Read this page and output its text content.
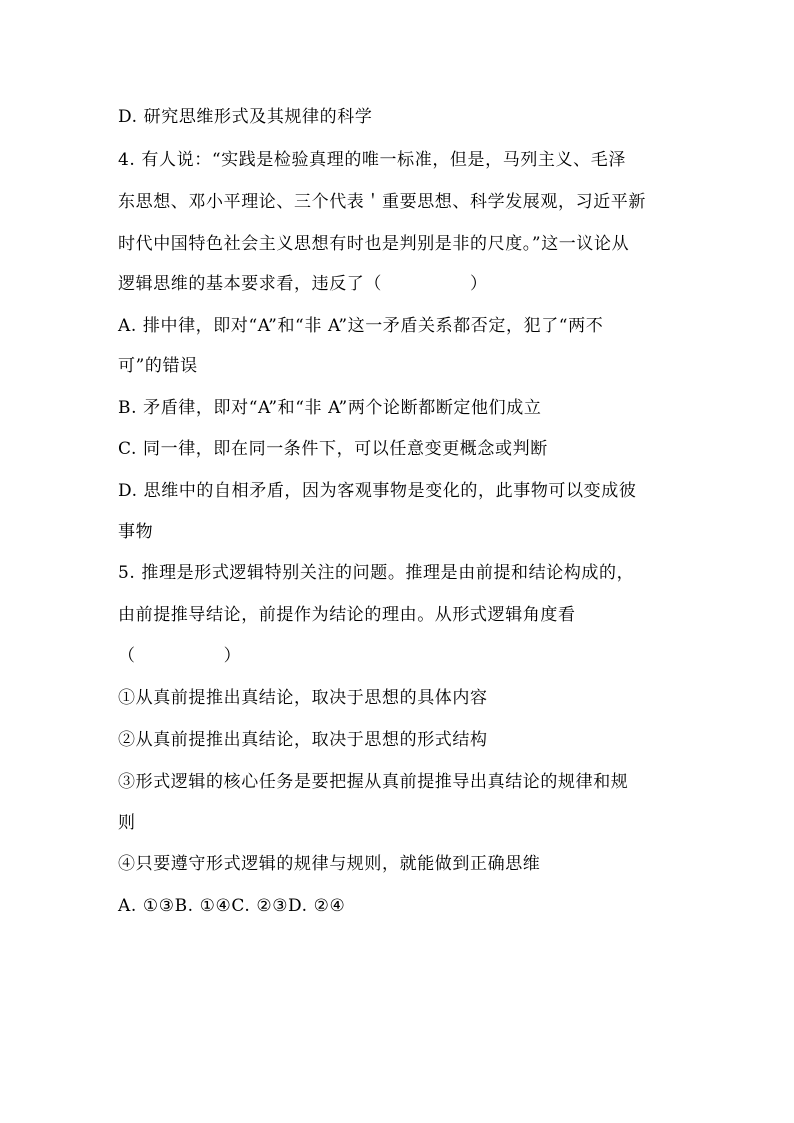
D. 研究思维形式及其规律的科学
4. 有人说：“实践是检验真理的唯一标准，但是，马列主义、毛泽
东思想、邓小平理论、三个代表＇重要思想、科学发展观，习近平新
时代中国特色社会主义思想有时也是判别是非的尺度。”这一议论从
逻辑思维的基本要求看，违反了（　　　　　）
A. 排中律，即对“A”和“非 A”这一矛盾关系都否定，犯了“两不
可”的错误
B. 矛盾律，即对“A”和“非 A”两个论断都断定他们成立
C. 同一律，即在同一条件下，可以任意变更概念或判断
D. 思维中的自相矛盾，因为客观事物是变化的，此事物可以变成彼
事物
5. 推理是形式逻辑特别关注的问题。推理是由前提和结论构成的，
由前提推导结论，前提作为结论的理由。从形式逻辑角度看
（　　　　　）
①从真前提推出真结论，取决于思想的具体内容
②从真前提推出真结论，取决于思想的形式结构
③形式逻辑的核心任务是要把握从真前提推导出真结论的规律和规
则
④只要遵守形式逻辑的规律与规则，就能做到正确思维
A. ①③B. ①④C. ②③D. ②④
